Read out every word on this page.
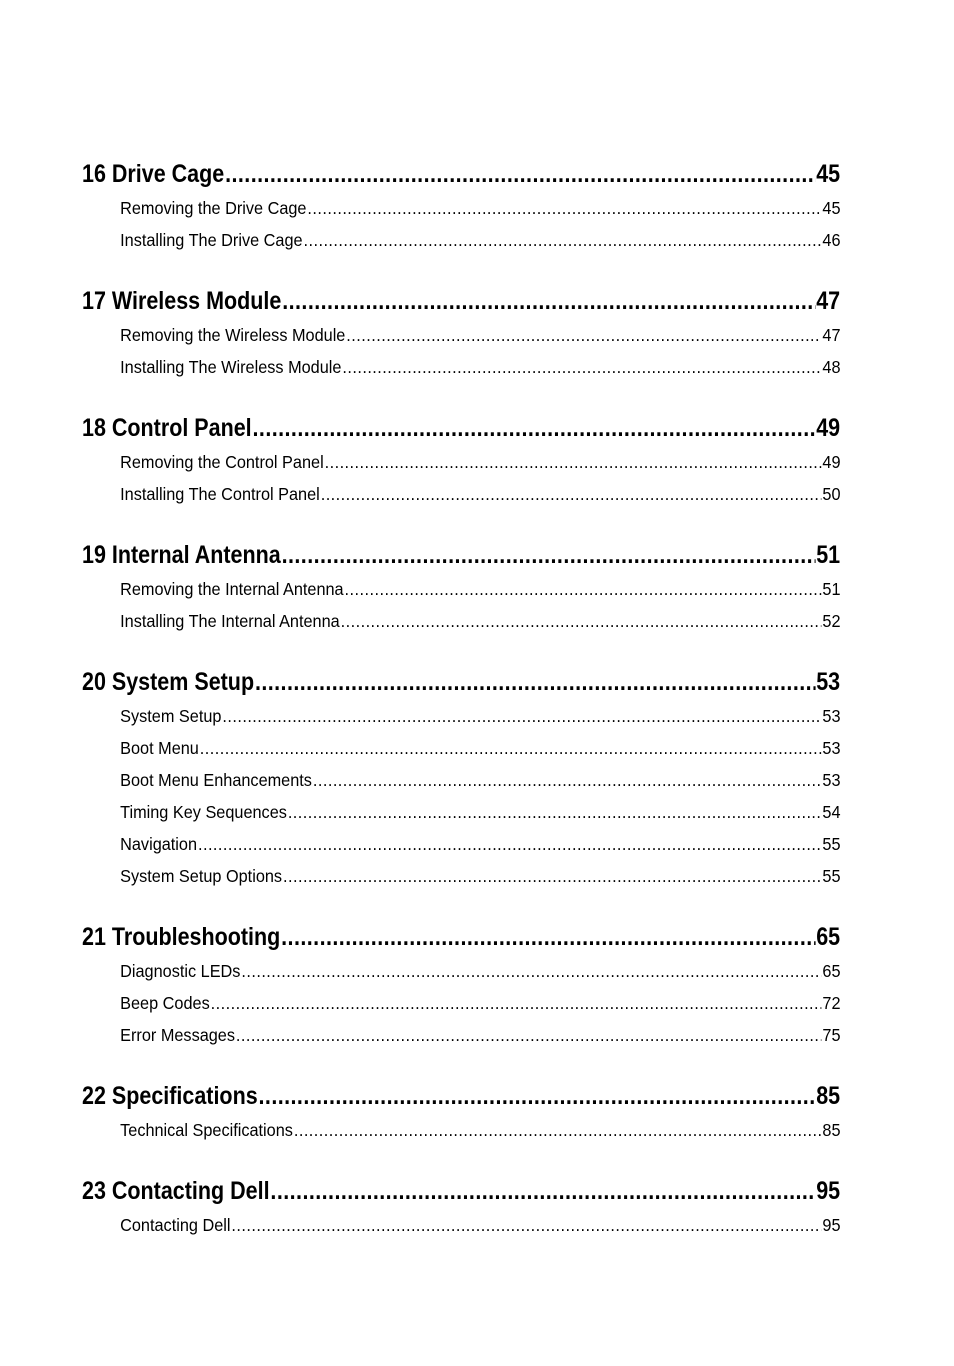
16 Drive Cage .....	45
Removing the Drive Cage .....	45
Installing The Drive Cage .....	46
17 Wireless Module .....	47
Removing the Wireless Module .....	47
Installing The Wireless Module .....	48
18 Control Panel .....	49
Removing the Control Panel .....	49
Installing The Control Panel .....	50
19 Internal Antenna .....	51
Removing the Internal Antenna .....	51
Installing The Internal Antenna .....	52
20 System Setup .....	53
System Setup .....	53
Boot Menu .....	53
Boot Menu Enhancements .....	53
Timing Key Sequences .....	54
Navigation .....	55
System Setup Options .....	55
21 Troubleshooting .....	65
Diagnostic LEDs .....	65
Beep Codes .....	72
Error Messages .....	75
22 Specifications .....	85
Technical Specifications .....	85
23 Contacting Dell .....	95
Contacting Dell .....	95
